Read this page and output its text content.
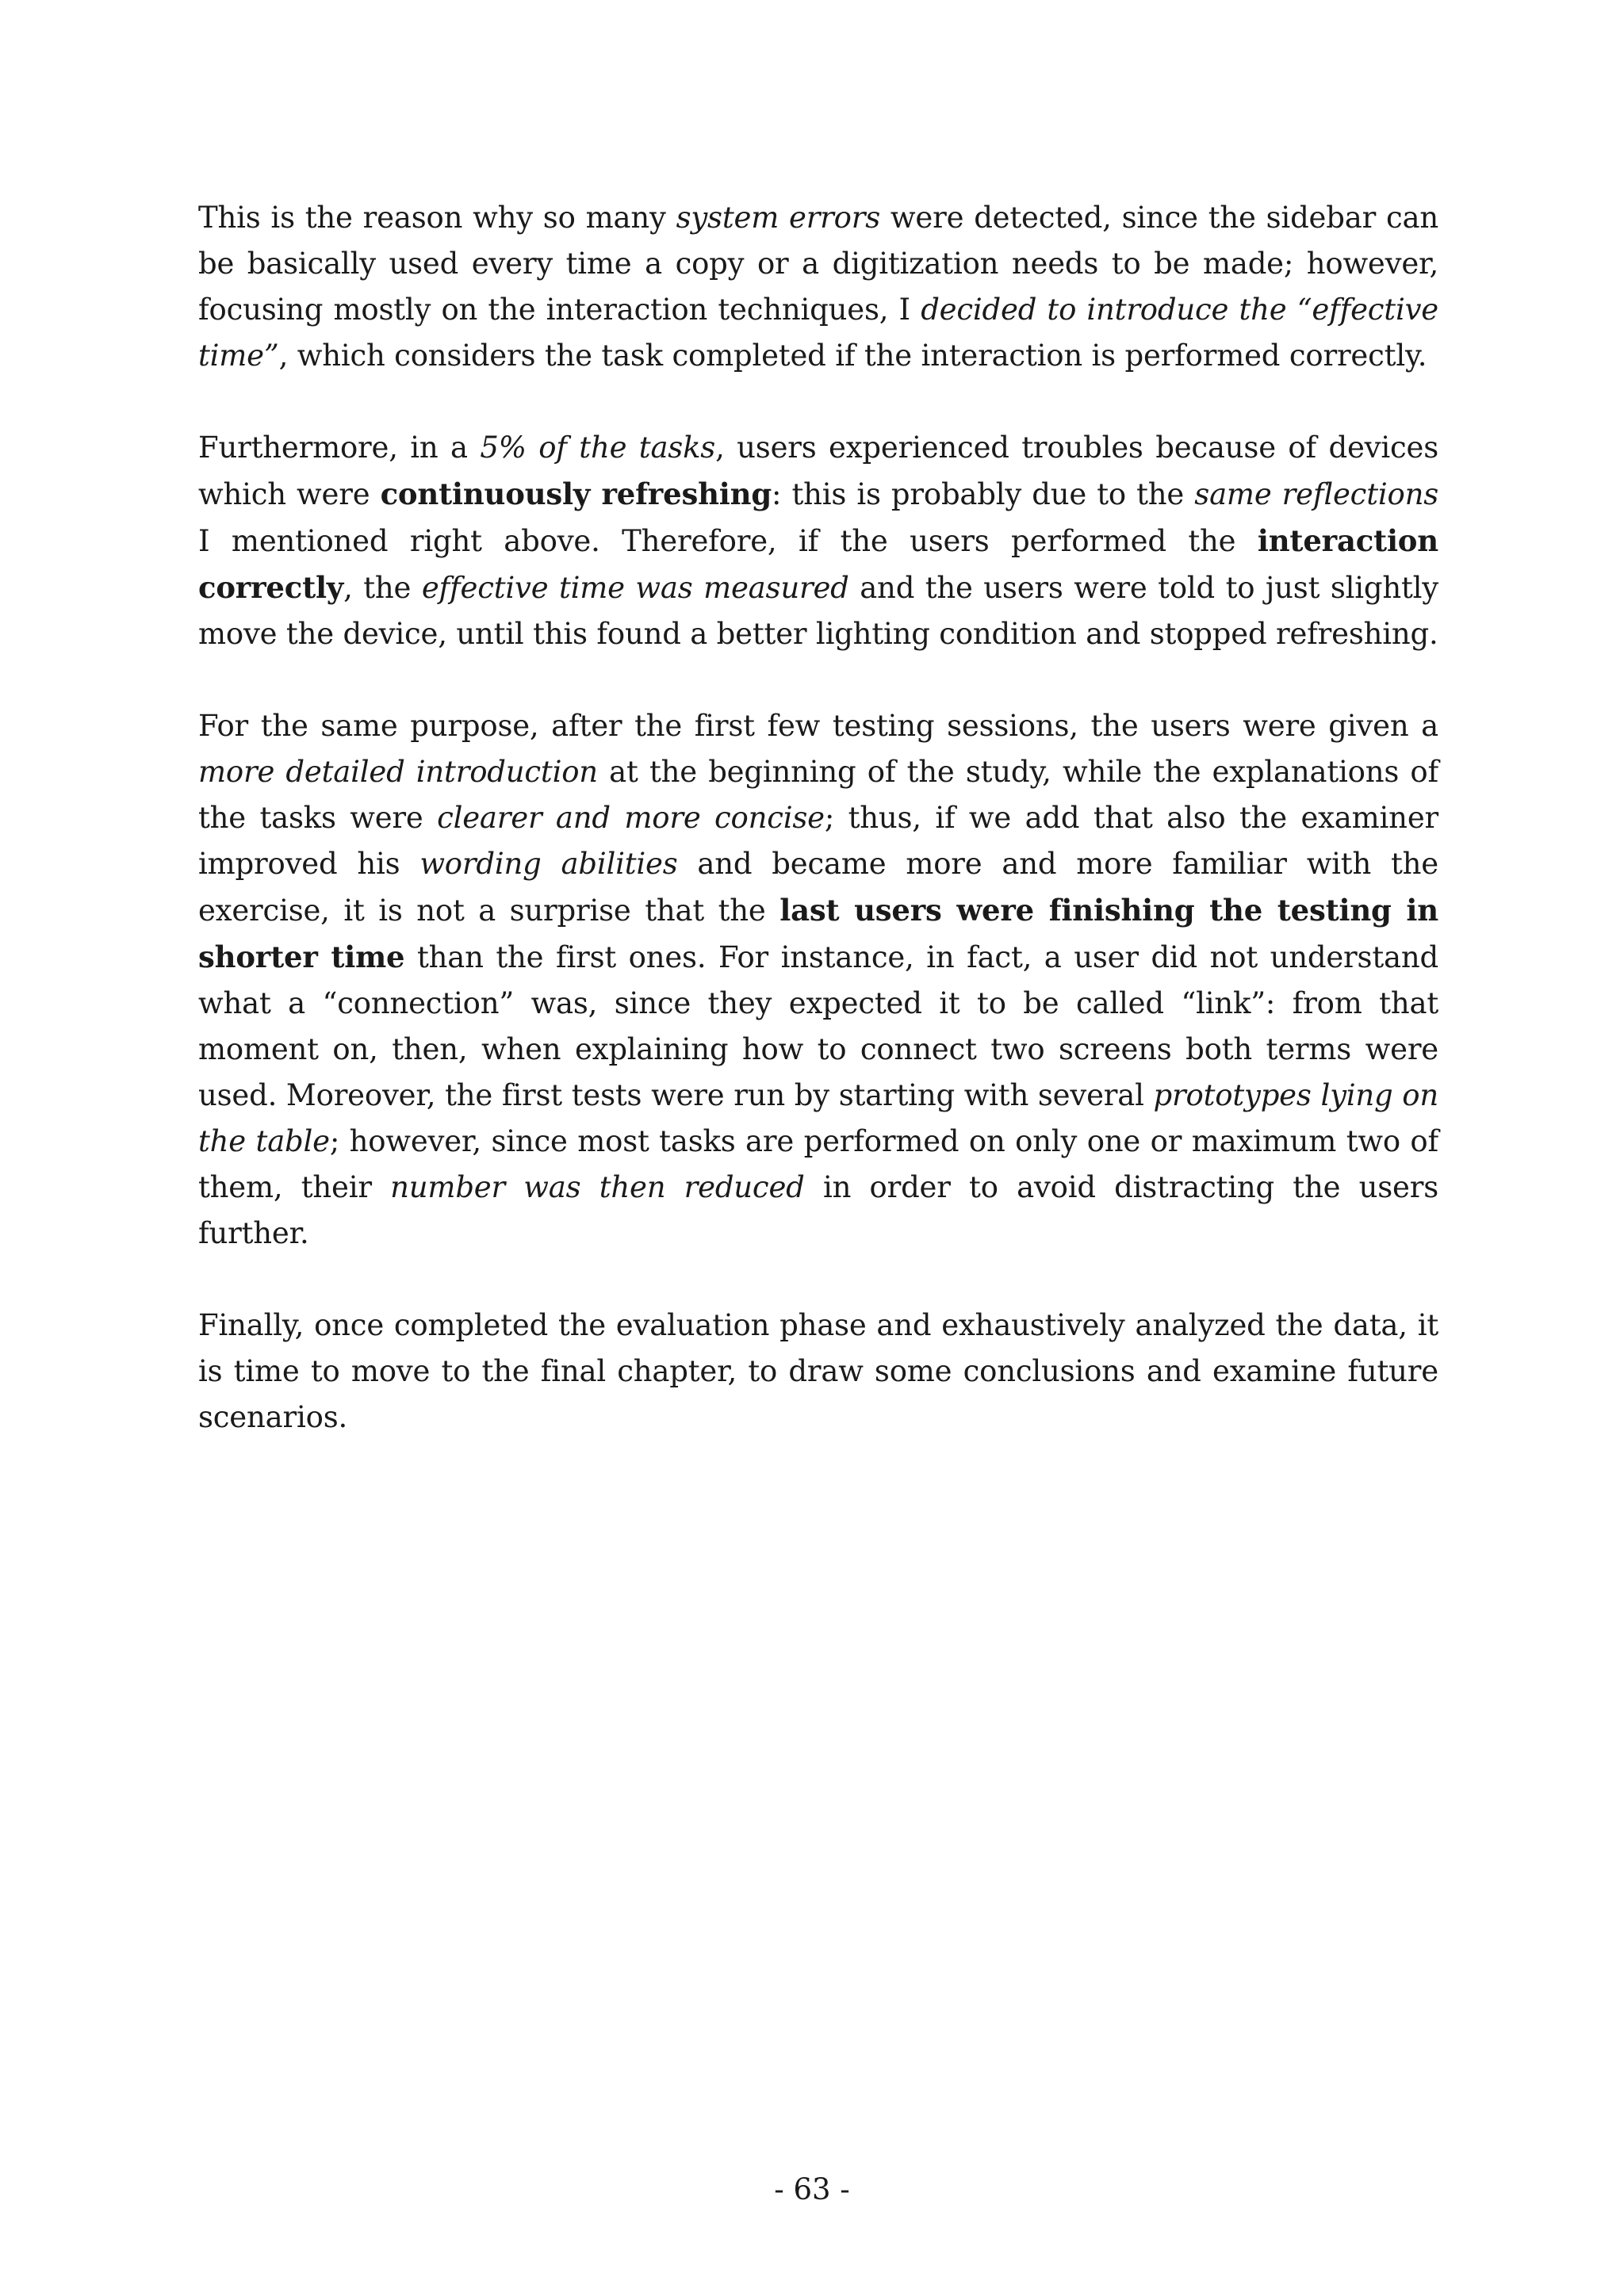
This is the reason why so many system errors were detected, since the sidebar can be basically used every time a copy or a digitization needs to be made; however, focusing mostly on the interaction techniques, I decided to introduce the “effective time”, which considers the task completed if the interaction is performed correctly.

Furthermore, in a 5% of the tasks, users experienced troubles because of devices which were continuously refreshing: this is probably due to the same reflections I mentioned right above. Therefore, if the users performed the interaction correctly, the effective time was measured and the users were told to just slightly move the device, until this found a better lighting condition and stopped refreshing.

For the same purpose, after the first few testing sessions, the users were given a more detailed introduction at the beginning of the study, while the explanations of the tasks were clearer and more concise; thus, if we add that also the examiner improved his wording abilities and became more and more familiar with the exercise, it is not a surprise that the last users were finishing the testing in shorter time than the first ones. For instance, in fact, a user did not understand what a “connection” was, since they expected it to be called “link”: from that moment on, then, when explaining how to connect two screens both terms were used. Moreover, the first tests were run by starting with several prototypes lying on the table; however, since most tasks are performed on only one or maximum two of them, their number was then reduced in order to avoid distracting the users further.

Finally, once completed the evaluation phase and exhaustively analyzed the data, it is time to move to the final chapter, to draw some conclusions and examine future scenarios.

- 63 -
